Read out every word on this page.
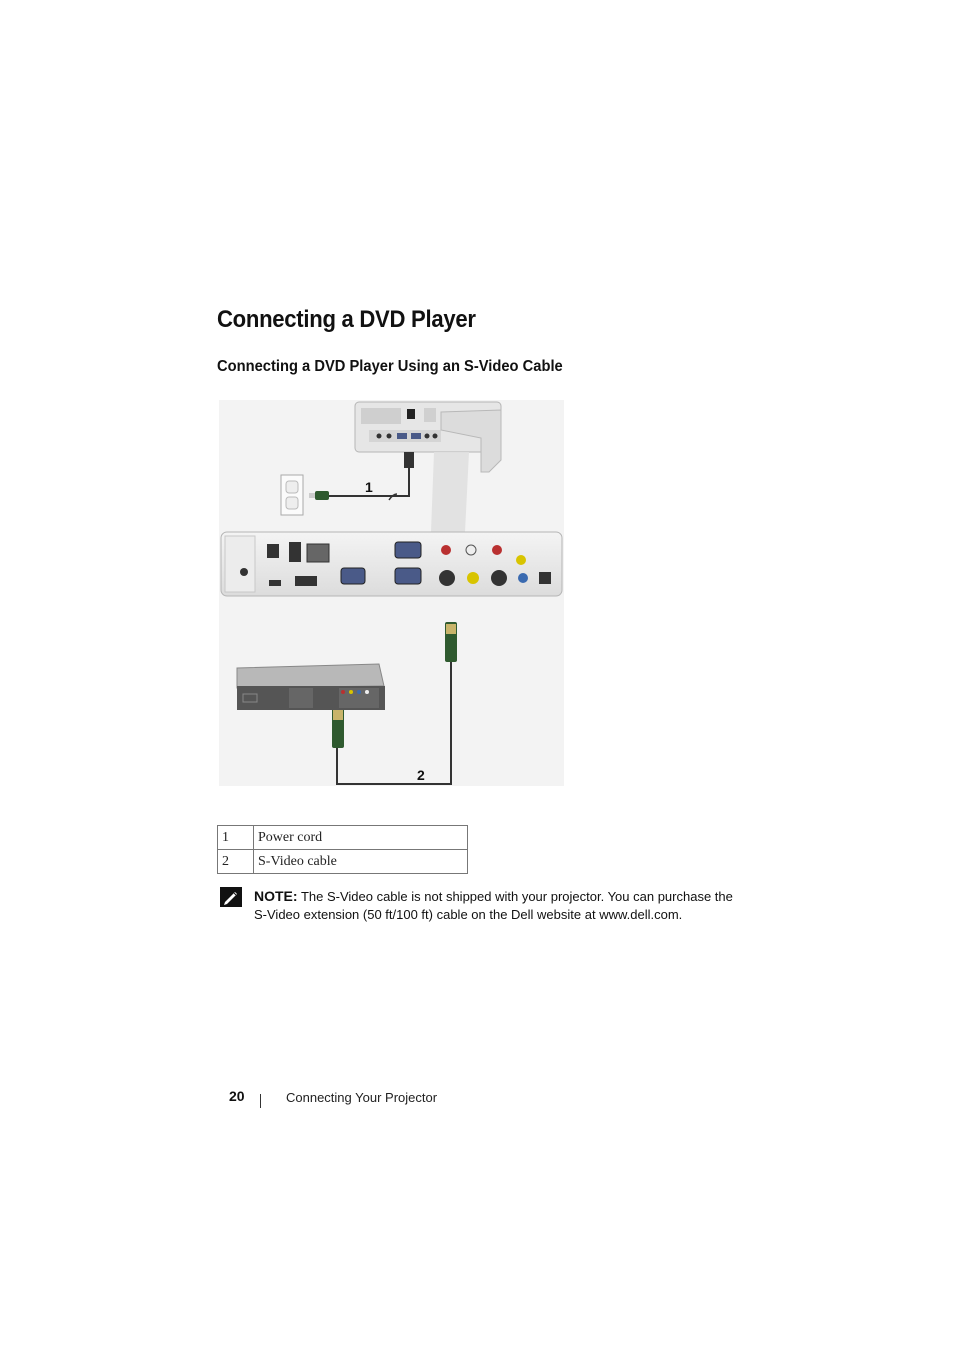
Connecting a DVD Player
Connecting a DVD Player Using an S-Video Cable
1
2
1	Power cord
2	S-Video cable
NOTE: The S-Video cable is not shipped with your projector. You can purchase the S-Video extension (50 ft/100 ft) cable on the Dell website at www.dell.com.
20	Connecting Your Projector
